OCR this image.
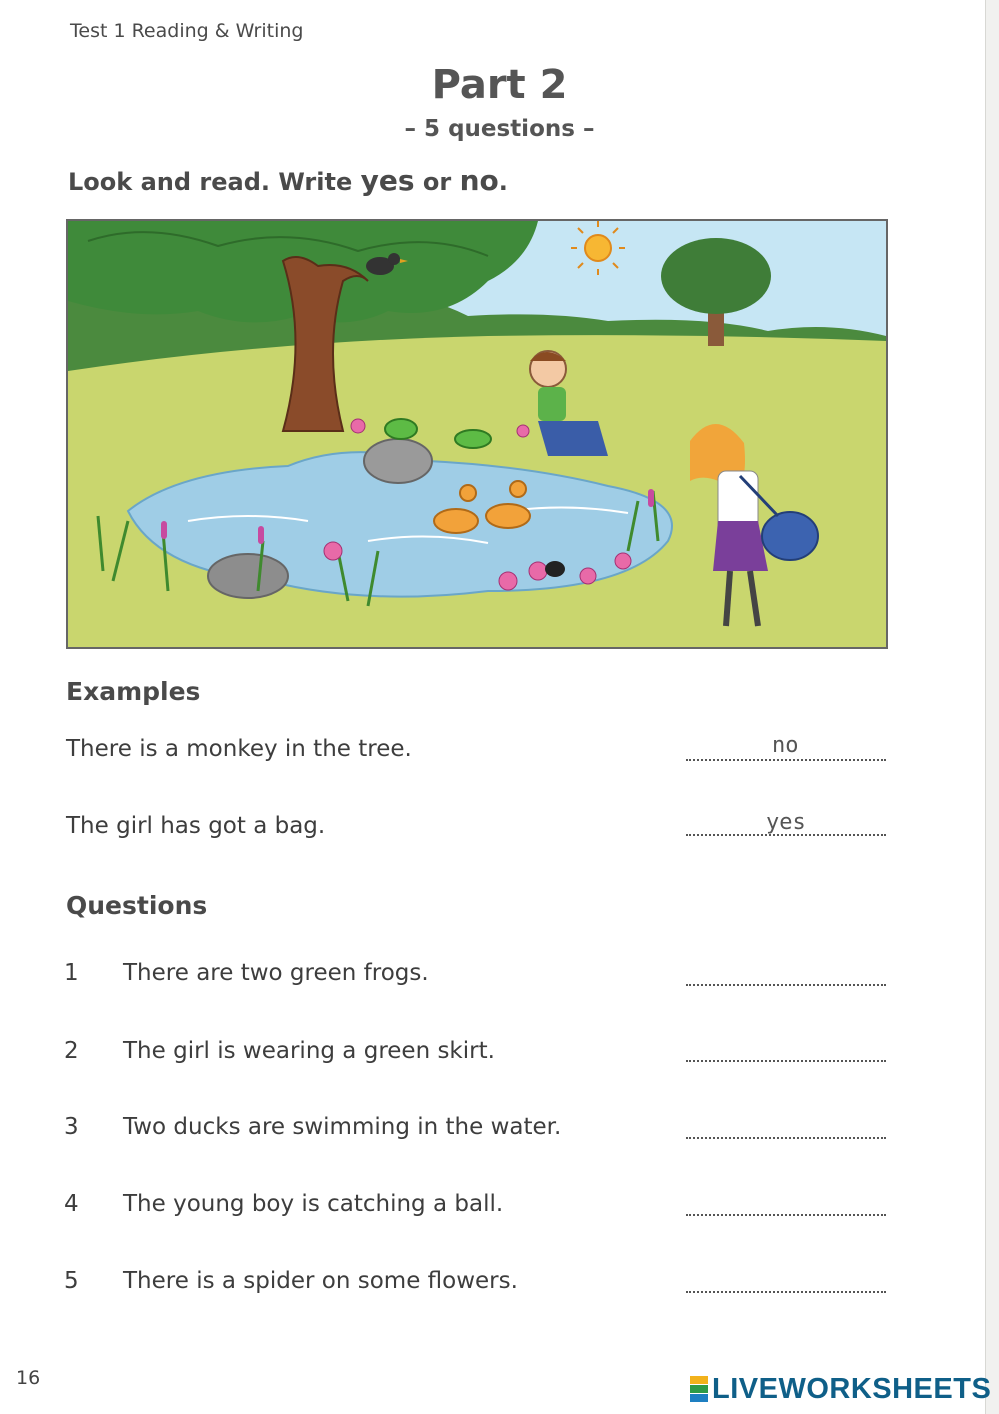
Test 1 Reading & Writing
Part 2
– 5 questions –
Look and read. Write yes or no.
Examples
There is a monkey in the tree.	no
The girl has got a bag.	yes
Questions
1 There are two green frogs.
2 The girl is wearing a green skirt.
3 Two ducks are swimming in the water.
4 The young boy is catching a ball.
5 There is a spider on some flowers.
16	LIVEWORKSHEETS
